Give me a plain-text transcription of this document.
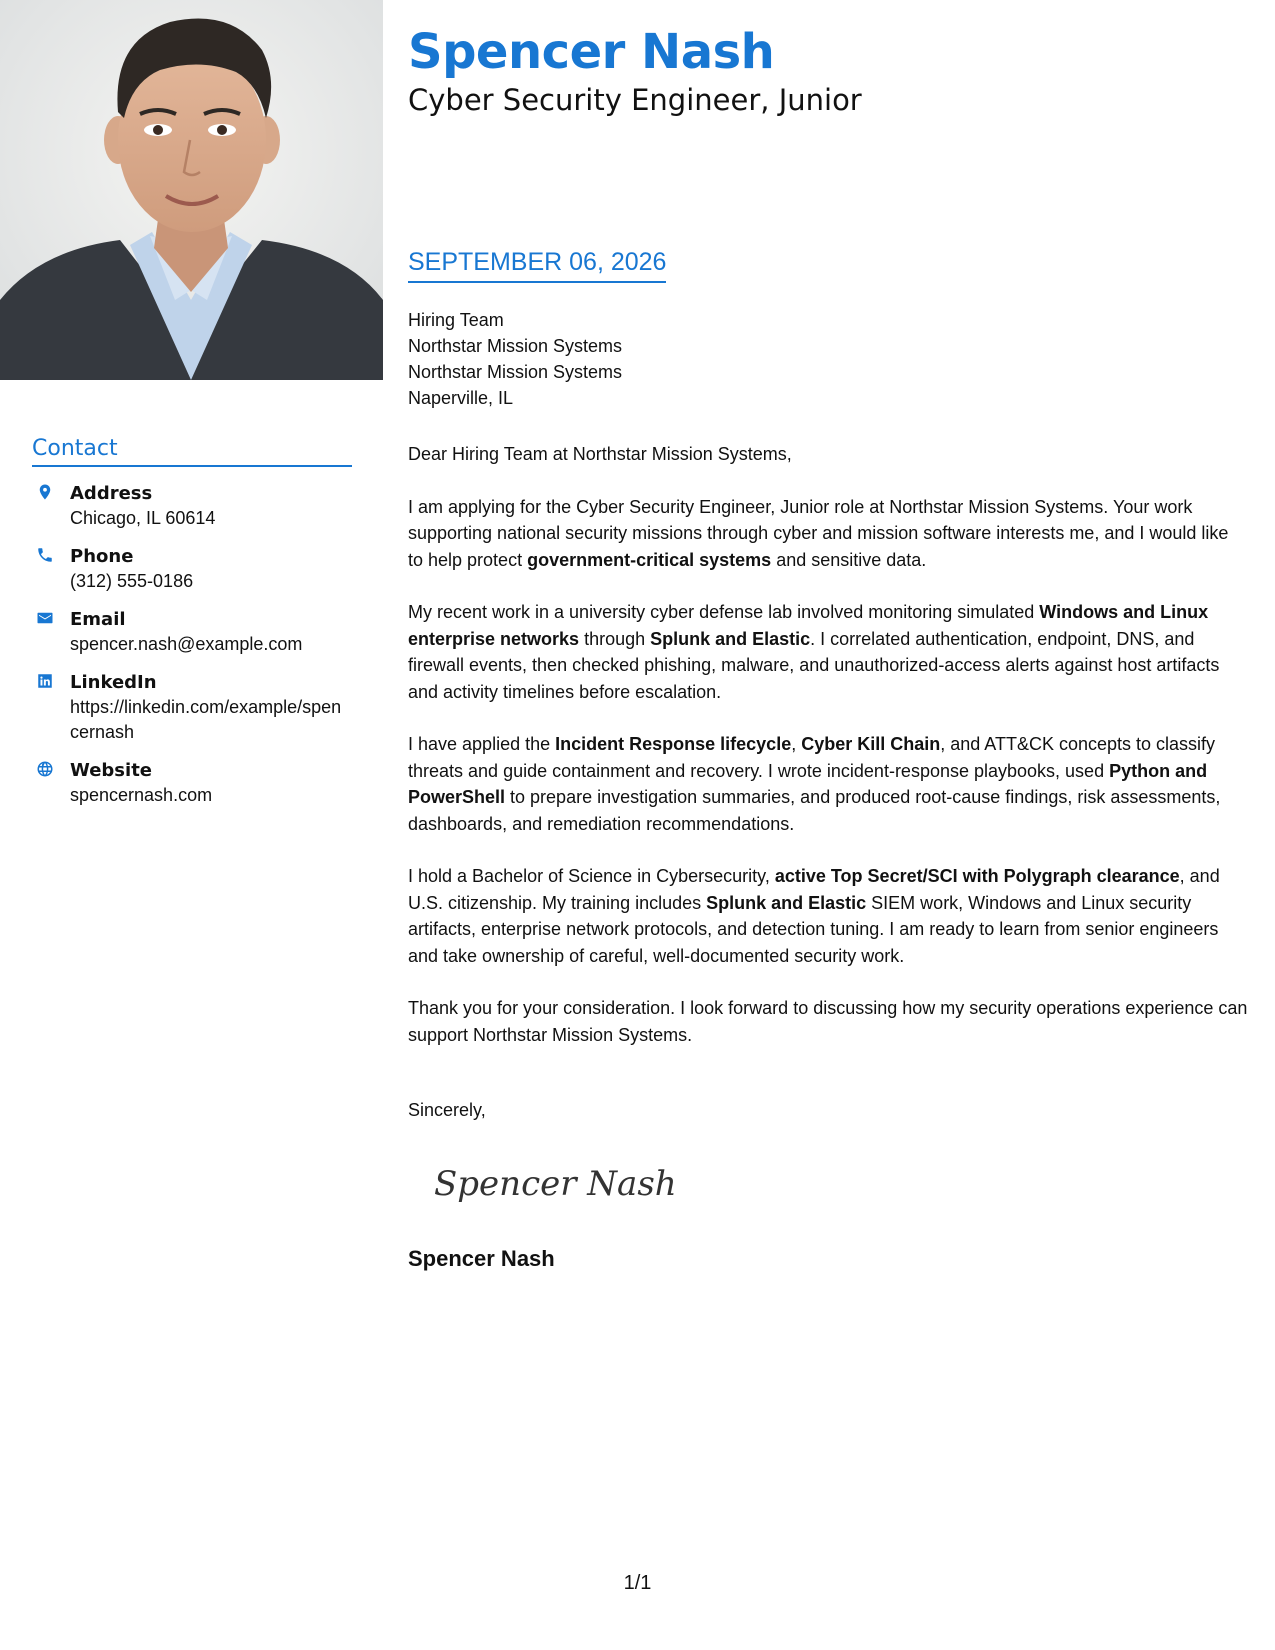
Spencer Nash
Cyber Security Engineer, Junior
SEPTEMBER 06, 2026
Hiring Team
Northstar Mission Systems
Northstar Mission Systems
Naperville, IL
Contact
Address
Chicago, IL 60614
Phone
(312) 555-0186
Email
spencer.nash@example.com
LinkedIn
https://linkedin.com/example/spencernash
Website
spencernash.com

Dear Hiring Team at Northstar Mission Systems,

I am applying for the Cyber Security Engineer, Junior role at Northstar Mission Systems. Your work supporting national security missions through cyber and mission software interests me, and I would like to help protect government-critical systems and sensitive data.

My recent work in a university cyber defense lab involved monitoring simulated Windows and Linux enterprise networks through Splunk and Elastic. I correlated authentication, endpoint, DNS, and firewall events, then checked phishing, malware, and unauthorized-access alerts against host artifacts and activity timelines before escalation.

I have applied the Incident Response lifecycle, Cyber Kill Chain, and ATT&CK concepts to classify threats and guide containment and recovery. I wrote incident-response playbooks, used Python and PowerShell to prepare investigation summaries, and produced root-cause findings, risk assessments, dashboards, and remediation recommendations.

I hold a Bachelor of Science in Cybersecurity, active Top Secret/SCI with Polygraph clearance, and U.S. citizenship. My training includes Splunk and Elastic SIEM work, Windows and Linux security artifacts, enterprise network protocols, and detection tuning. I am ready to learn from senior engineers and take ownership of careful, well-documented security work.

Thank you for your consideration. I look forward to discussing how my security operations experience can support Northstar Mission Systems.

Sincerely,
Spencer Nash
Spencer Nash
1/1
